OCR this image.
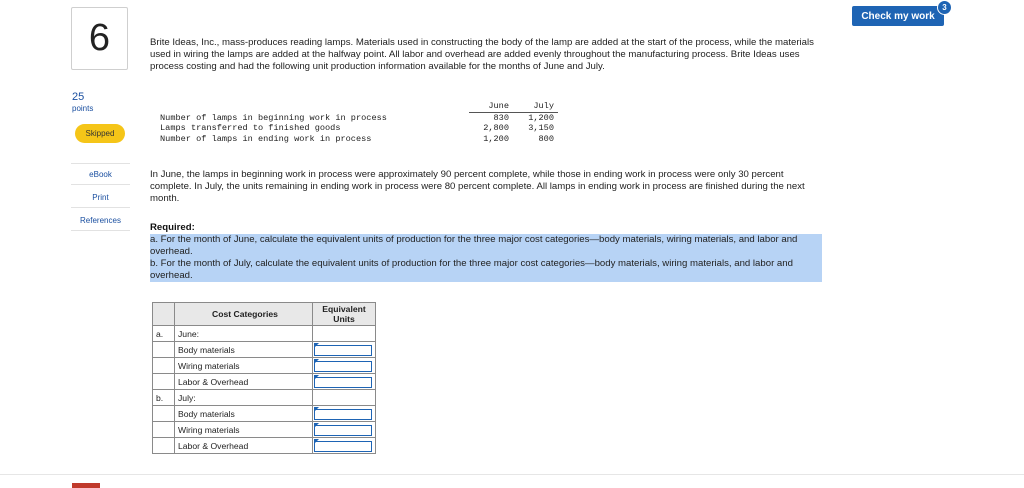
6
25
points
Skipped
eBook
Print
References
Check my work
3
Brite Ideas, Inc., mass-produces reading lamps. Materials used in constructing the body of the lamp are added at the start of the process, while the materials used in wiring the lamps are added at the halfway point. All labor and overhead are added evenly throughout the manufacturing process. Brite Ideas uses process costing and had the following unit production information available for the months of June and July.
June	July
Number of lamps in beginning work in process	830	1,200
Lamps transferred to finished goods	2,800	3,150
Number of lamps in ending work in process	1,200	800
In June, the lamps in beginning work in process were approximately 90 percent complete, while those in ending work in process were only 30 percent complete. In July, the units remaining in ending work in process were 80 percent complete. All lamps in ending work in process are finished during the next month.
Required:
a. For the month of June, calculate the equivalent units of production for the three major cost categories—body materials, wiring materials, and labor and overhead.
b. For the month of July, calculate the equivalent units of production for the three major cost categories—body materials, wiring materials, and labor and overhead.
	Cost Categories	Equivalent Units
a.	June:	
	Body materials	

	Wiring materials	

	Labor & Overhead	

b.	July:	
	Body materials	

	Wiring materials	

	Labor & Overhead	
